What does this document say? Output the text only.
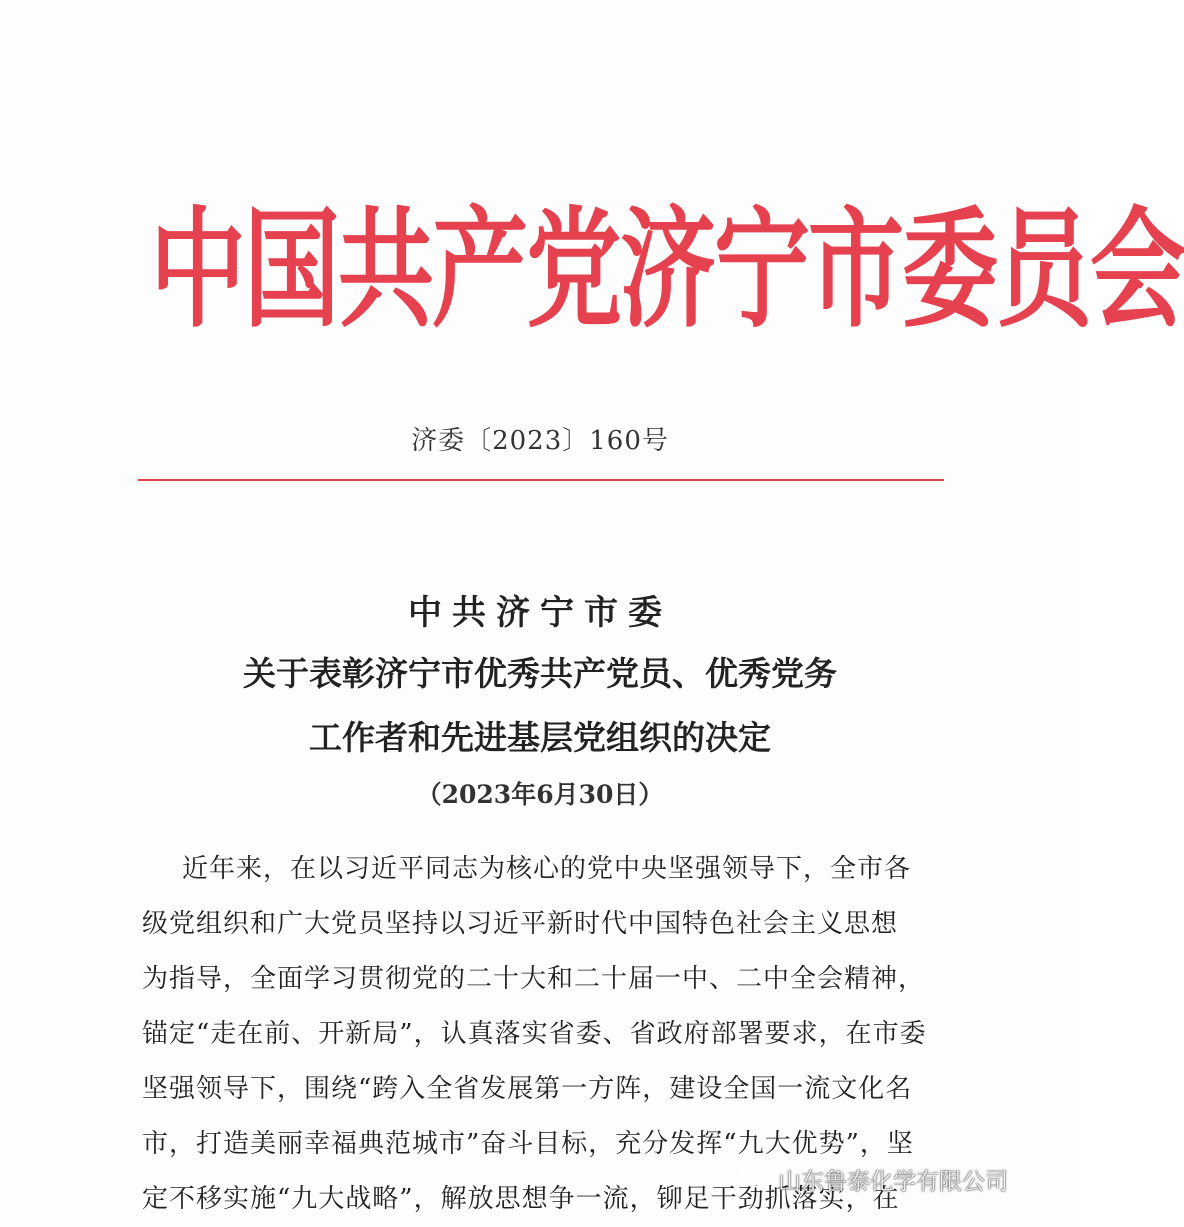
中国共产党济宁市委员会
济委〔2023〕160号
中共济宁市委
关于表彰济宁市优秀共产党员、优秀党务
工作者和先进基层党组织的决定
（2023年6月30日）
近年来，在以习近平同志为核心的党中央坚强领导下，全市各
级党组织和广大党员坚持以习近平新时代中国特色社会主义思想
为指导，全面学习贯彻党的二十大和二十届一中、二中全会精神，
锚定“走在前、开新局”，认真落实省委、省政府部署要求，在市委
坚强领导下，围绕“跨入全省发展第一方阵，建设全国一流文化名
市，打造美丽幸福典范城市”奋斗目标，充分发挥“九大优势”，坚
定不移实施“九大战略”，解放思想争一流，铆足干劲抓落实，在
山东鲁泰化学有限公司
